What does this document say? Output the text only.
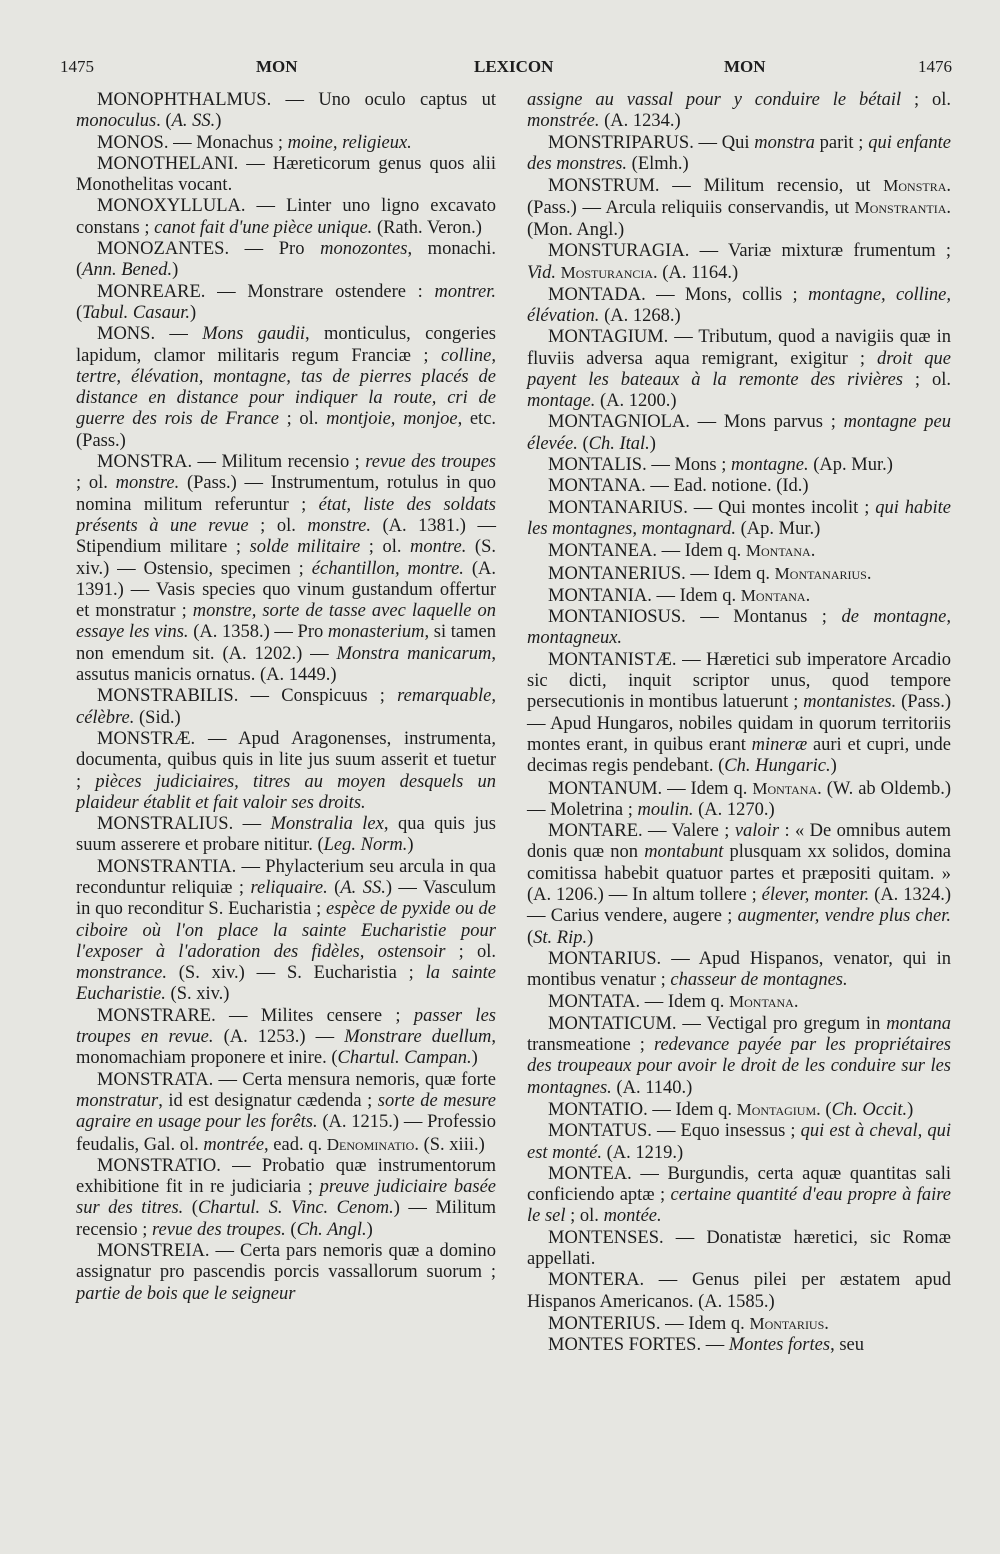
1475	MON	LEXICON	MON	1476

MONOPHTHALMUS. — Uno oculo captus ut monoculus. (A. SS.)

MONOS. — Monachus ; moine, religieux.

MONOTHELANI. — Hæreticorum genus quos alii Monothelitas vocant.

MONOXYLLULA. — Linter uno ligno excavato constans ; canot fait d'une pièce unique. (Rath. Veron.)

MONOZANTES. — Pro monozontes, monachi. (Ann. Bened.)

MONREARE. — Monstrare ostendere : montrer. (Tabul. Casaur.)

MONS. — Mons gaudii, monticulus, congeries lapidum, clamor militaris regum Franciæ ; colline, tertre, élévation, montagne, tas de pierres placés de distance en distance pour indiquer la route, cri de guerre des rois de France ; ol. montjoie, monjoe, etc. (Pass.)

MONSTRA. — Militum recensio ; revue des troupes ; ol. monstre. (Pass.) — Instrumentum, rotulus in quo nomina militum referuntur ; état, liste des soldats présents à une revue ; ol. monstre. (A. 1381.) — Stipendium militare ; solde militaire ; ol. montre. (S. xiv.) — Ostensio, specimen ; échantillon, montre. (A. 1391.) — Vasis species quo vinum gustandum offertur et monstratur ; monstre, sorte de tasse avec laquelle on essaye les vins. (A. 1358.) — Pro monasterium, si tamen non emendum sit. (A. 1202.) — Monstra manicarum, assutus manicis ornatus. (A. 1449.)

MONSTRABILIS. — Conspicuus ; remarquable, célèbre. (Sid.)

MONSTRÆ. — Apud Aragonenses, instrumenta, documenta, quibus quis in lite jus suum asserit et tuetur ; pièces judiciaires, titres au moyen desquels un plaideur établit et fait valoir ses droits.

MONSTRALIUS. — Monstralia lex, qua quis jus suum asserere et probare nititur. (Leg. Norm.)

MONSTRANTIA. — Phylacterium seu arcula in qua reconduntur reliquiæ ; reliquaire. (A. SS.) — Vasculum in quo reconditur S. Eucharistia ; espèce de pyxide ou de ciboire où l'on place la sainte Eucharistie pour l'exposer à l'adoration des fidèles, ostensoir ; ol. monstrance. (S. xiv.) — S. Eucharistia ; la sainte Eucharistie. (S. xiv.)

MONSTRARE. — Milites censere ; passer les troupes en revue. (A. 1253.) — Monstrare duellum, monomachiam proponere et inire. (Chartul. Campan.)

MONSTRATA. — Certa mensura nemoris, quæ forte monstratur, id est designatur cædenda ; sorte de mesure agraire en usage pour les forêts. (A. 1215.) — Professio feudalis, Gal. ol. montrée, ead. q. Denominatio. (S. xiii.)

MONSTRATIO. — Probatio quæ instrumentorum exhibitione fit in re judiciaria ; preuve judiciaire basée sur des titres. (Chartul. S. Vinc. Cenom.) — Militum recensio ; revue des troupes. (Ch. Angl.)

MONSTREIA. — Certa pars nemoris quæ a domino assignatur pro pascendis porcis vassallorum suorum ; partie de bois que le seigneur

assigne au vassal pour y conduire le bétail ; ol. monstrée. (A. 1234.)

MONSTRIPARUS. — Qui monstra parit ; qui enfante des monstres. (Elmh.)

MONSTRUM. — Militum recensio, ut Monstra. (Pass.) — Arcula reliquiis conservandis, ut Monstrantia. (Mon. Angl.)

MONSTURAGIA. — Variæ mixturæ frumentum ; Vid. Mosturancia. (A. 1164.)

MONTADA. — Mons, collis ; montagne, colline, élévation. (A. 1268.)

MONTAGIUM. — Tributum, quod a navigiis quæ in fluviis adversa aqua remigrant, exigitur ; droit que payent les bateaux à la remonte des rivières ; ol. montage. (A. 1200.)

MONTAGNIOLA. — Mons parvus ; montagne peu élevée. (Ch. Ital.)

MONTALIS. — Mons ; montagne. (Ap. Mur.)

MONTANA. — Ead. notione. (Id.)

MONTANARIUS. — Qui montes incolit ; qui habite les montagnes, montagnard. (Ap. Mur.)

MONTANEA. — Idem q. Montana.

MONTANERIUS. — Idem q. Montanarius.

MONTANIA. — Idem q. Montana.

MONTANIOSUS. — Montanus ; de montagne, montagneux.

MONTANISTÆ. — Hæretici sub imperatore Arcadio sic dicti, inquit scriptor unus, quod tempore persecutionis in montibus latuerunt ; montanistes. (Pass.) — Apud Hungaros, nobiles quidam in quorum territoriis montes erant, in quibus erant mineræ auri et cupri, unde decimas regis pendebant. (Ch. Hungaric.)

MONTANUM. — Idem q. Montana. (W. ab Oldemb.) — Moletrina ; moulin. (A. 1270.)

MONTARE. — Valere ; valoir : « De omnibus autem donis quæ non montabunt plusquam xx solidos, domina comitissa habebit quatuor partes et præpositi quitam. » (A. 1206.) — In altum tollere ; élever, monter. (A. 1324.) — Carius vendere, augere ; augmenter, vendre plus cher. (St. Rip.)

MONTARIUS. — Apud Hispanos, venator, qui in montibus venatur ; chasseur de montagnes.

MONTATA. — Idem q. Montana.

MONTATICUM. — Vectigal pro gregum in montana transmeatione ; redevance payée par les propriétaires des troupeaux pour avoir le droit de les conduire sur les montagnes. (A. 1140.)

MONTATIO. — Idem q. Montagium. (Ch. Occit.)

MONTATUS. — Equo insessus ; qui est à cheval, qui est monté. (A. 1219.)

MONTEA. — Burgundis, certa aquæ quantitas sali conficiendo aptæ ; certaine quantité d'eau propre à faire le sel ; ol. montée.

MONTENSES. — Donatistæ hæretici, sic Romæ appellati.

MONTERA. — Genus pilei per æstatem apud Hispanos Americanos. (A. 1585.)

MONTERIUS. — Idem q. Montarius.

MONTES FORTES. — Montes fortes, seu
